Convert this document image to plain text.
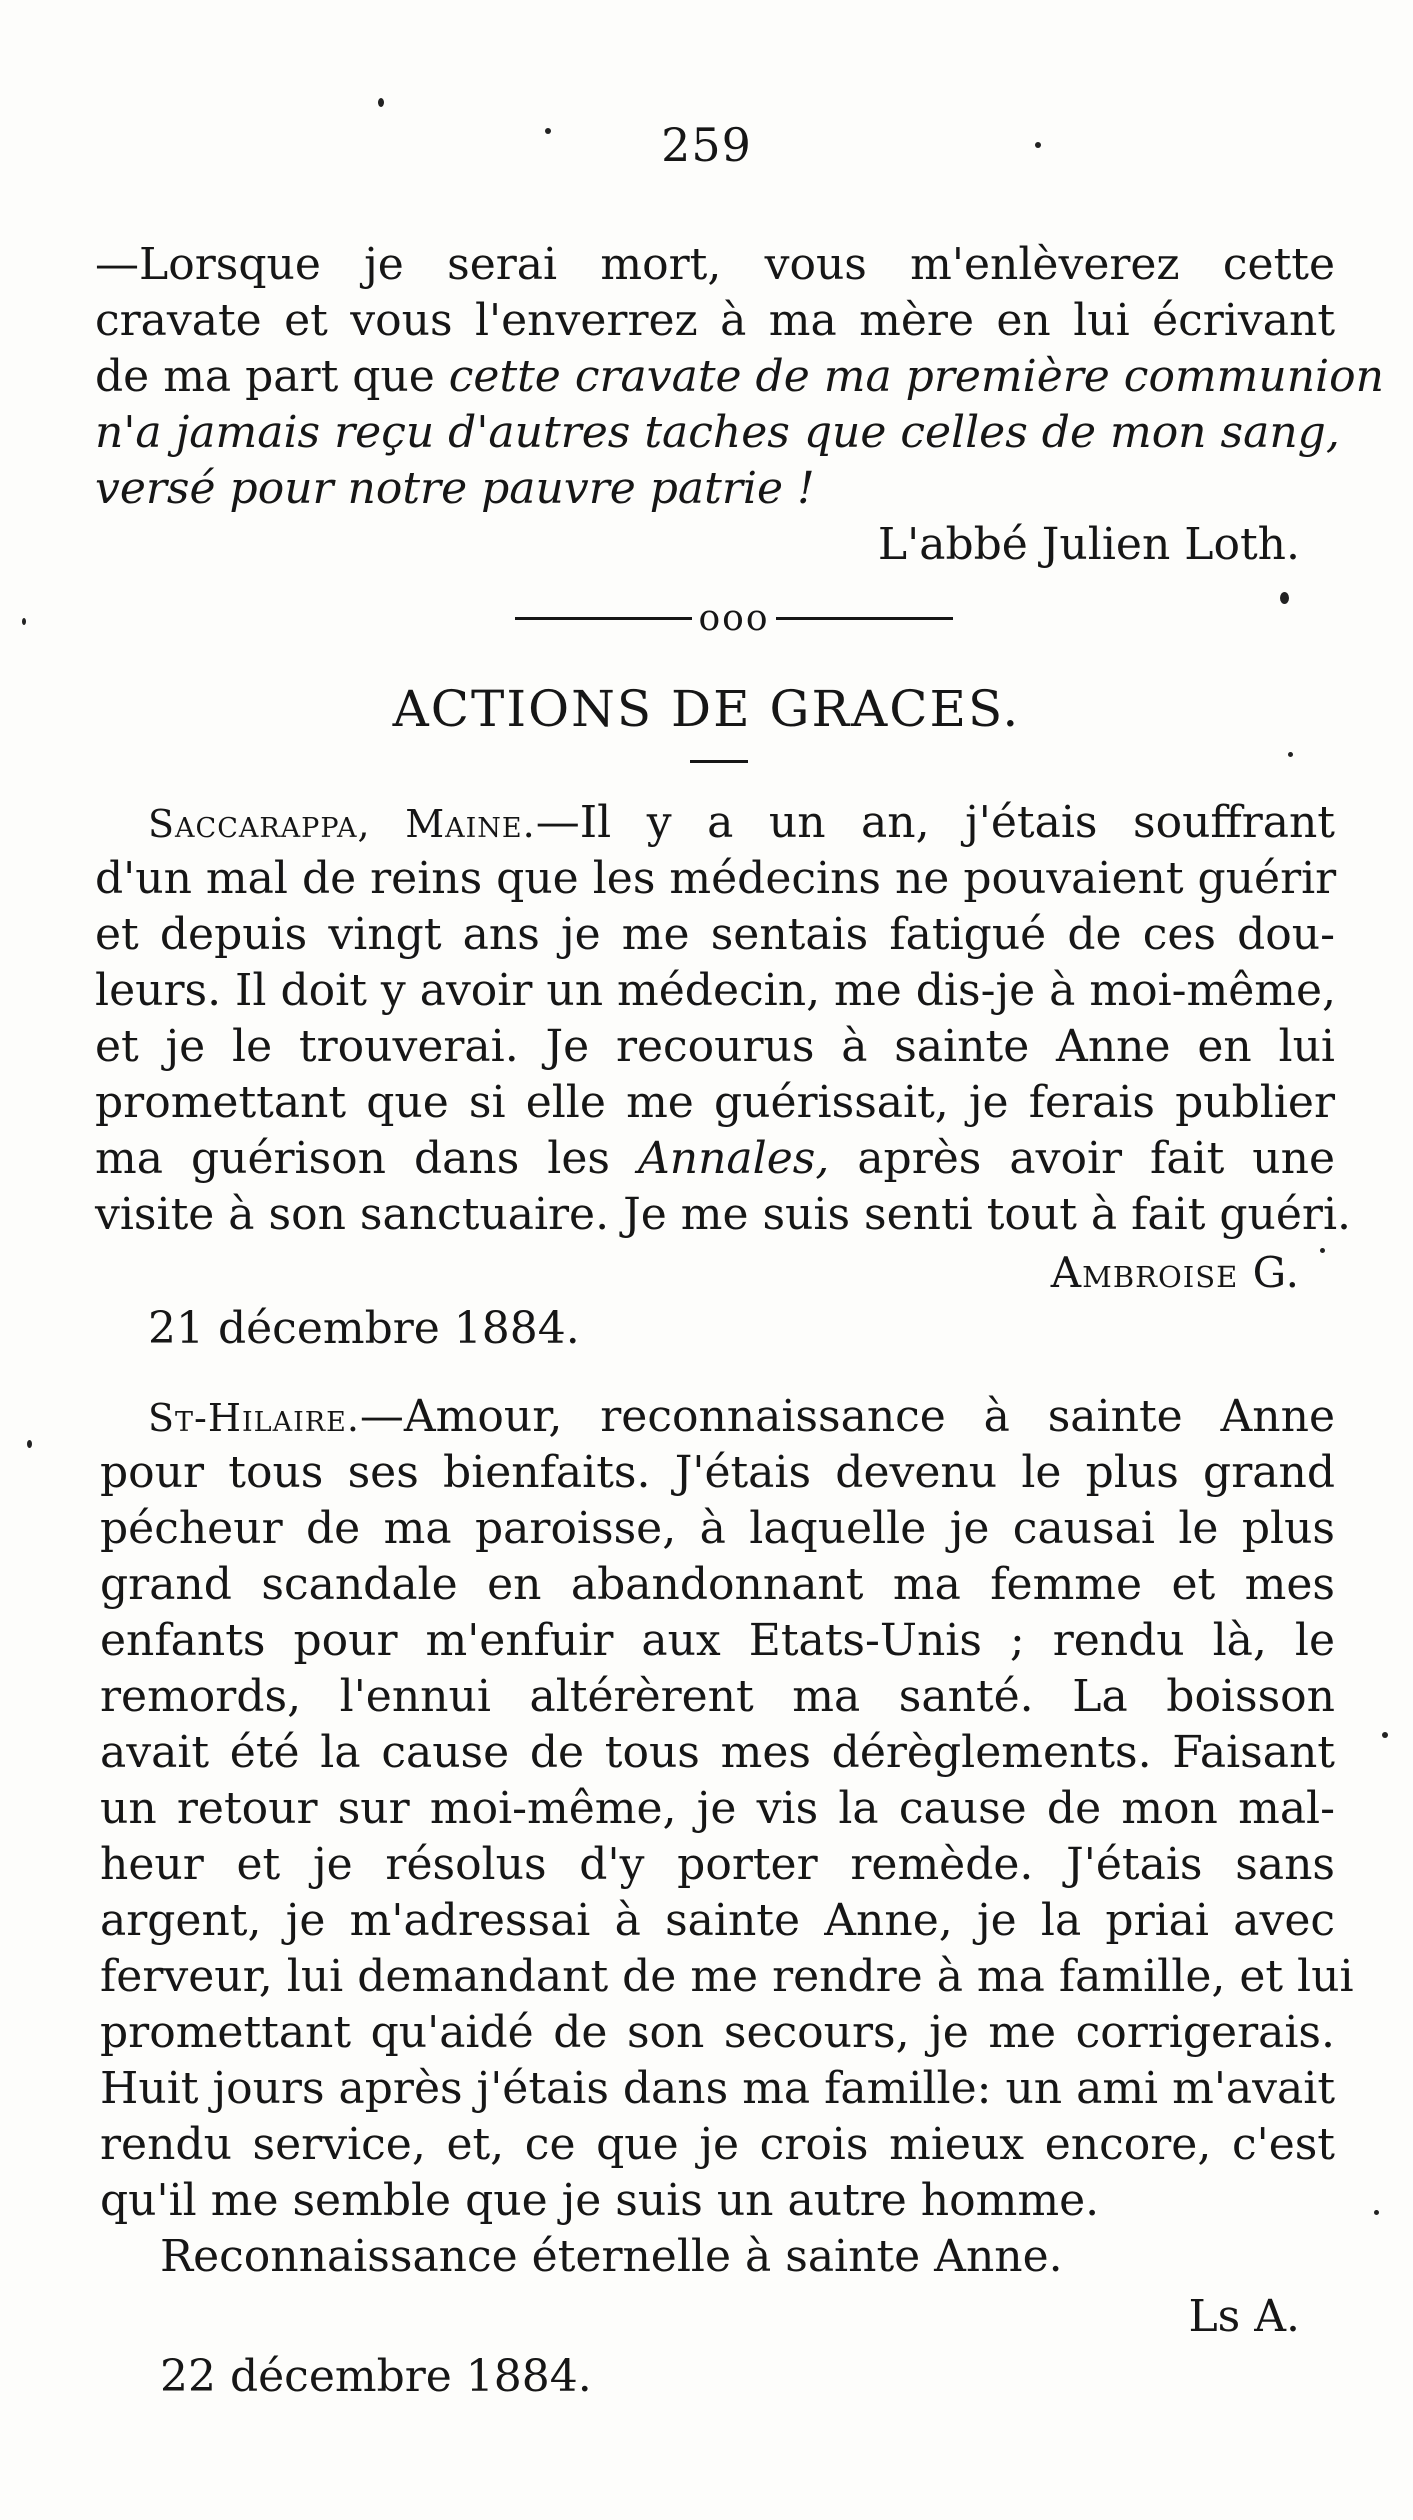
259
—Lorsque je serai mort, vous m'enlèverez cette
cravate et vous l'enverrez à ma mère en lui écrivant
de ma part que cette cravate de ma première communion
n'a jamais reçu d'autres taches que celles de mon sang,
versé pour notre pauvre patrie !
L'abbé Julien Loth.
ooo
ACTIONS DE GRACES.
Saccarappa, Maine.—Il y a un an, j'étais souffrant
d'un mal de reins que les médecins ne pouvaient guérir
et depuis vingt ans je me sentais fatigué de ces dou-
leurs. Il doit y avoir un médecin, me dis-je à moi-même,
et je le trouverai. Je recourus à sainte Anne en lui
promettant que si elle me guérissait, je ferais publier
ma guérison dans les Annales, après avoir fait une
visite à son sanctuaire. Je me suis senti tout à fait guéri.
Ambroise G.
21 décembre 1884.
St-Hilaire.—Amour, reconnaissance à sainte Anne
pour tous ses bienfaits. J'étais devenu le plus grand
pécheur de ma paroisse, à laquelle je causai le plus
grand scandale en abandonnant ma femme et mes
enfants pour m'enfuir aux Etats-Unis ; rendu là, le
remords, l'ennui altérèrent ma santé. La boisson
avait été la cause de tous mes dérèglements. Faisant
un retour sur moi-même, je vis la cause de mon mal-
heur et je résolus d'y porter remède. J'étais sans
argent, je m'adressai à sainte Anne, je la priai avec
ferveur, lui demandant de me rendre à ma famille, et lui
promettant qu'aidé de son secours, je me corrigerais.
Huit jours après j'étais dans ma famille: un ami m'avait
rendu service, et, ce que je crois mieux encore, c'est
qu'il me semble que je suis un autre homme.
Reconnaissance éternelle à sainte Anne.
Ls A.
22 décembre 1884.
